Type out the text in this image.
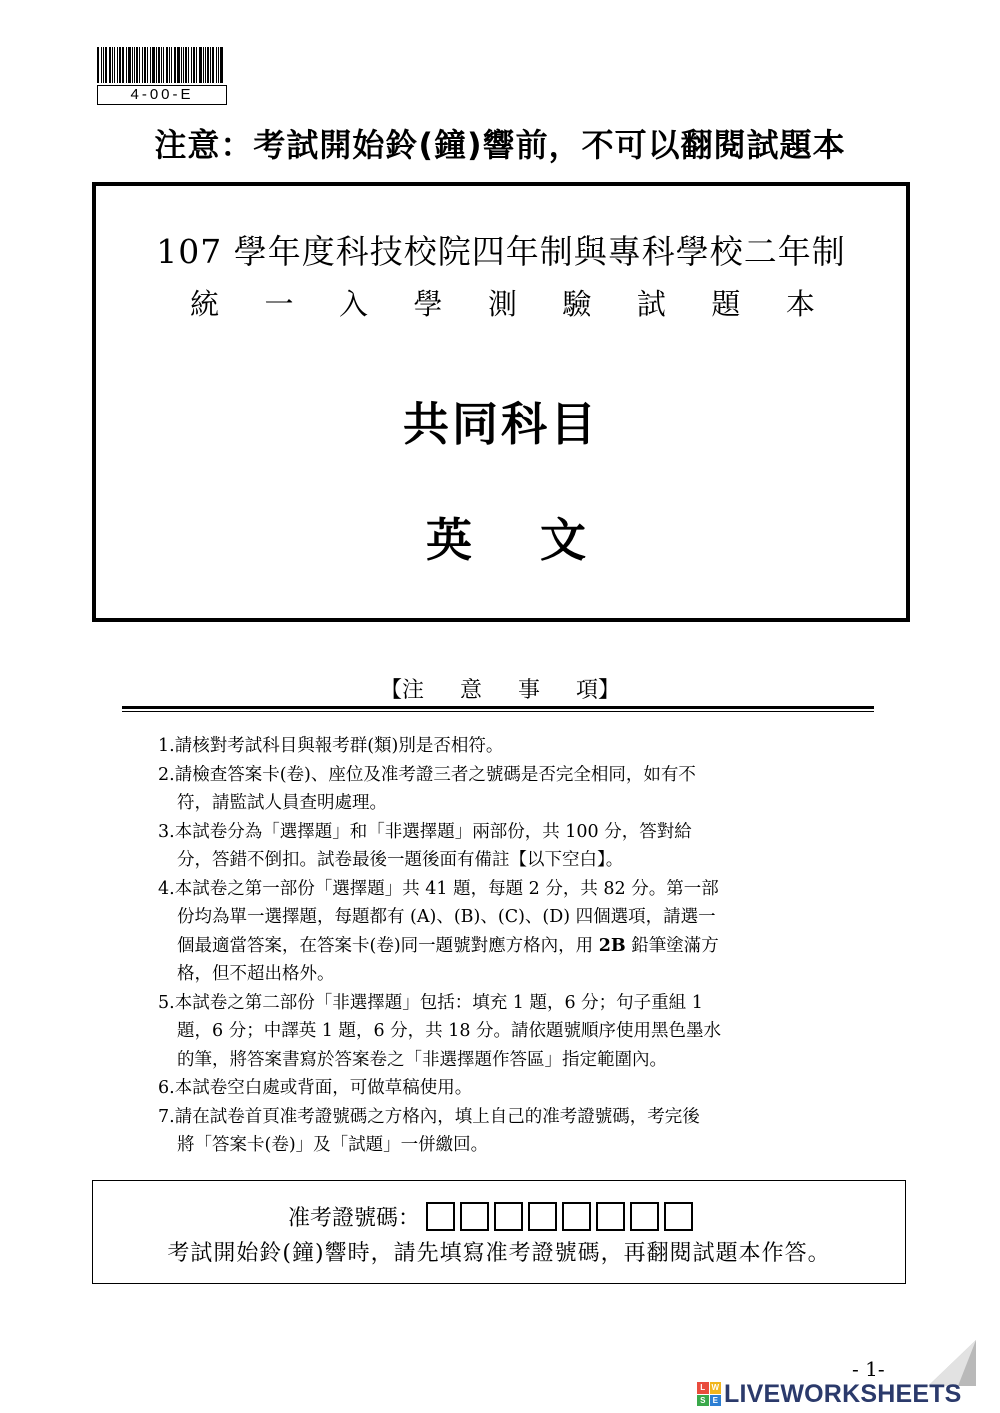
4-00-E
注意：考試開始鈴(鐘)響前，不可以翻閱試題本
107 學年度科技校院四年制與專科學校二年制
統 一 入 學 測 驗 試 題 本
共同科目
英 文
【注 意 事 項】
1.請核對考試科目與報考群(類)別是否相符。
2.請檢查答案卡(卷)、座位及准考證三者之號碼是否完全相同，如有不
符，請監試人員查明處理。
3.本試卷分為「選擇題」和「非選擇題」兩部份，共 100 分，答對給
分，答錯不倒扣。試卷最後一題後面有備註【以下空白】。
4.本試卷之第一部份「選擇題」共 41 題，每題 2 分，共 82 分。第一部
份均為單一選擇題，每題都有 (A)、(B)、(C)、(D) 四個選項，請選一
個最適當答案，在答案卡(卷)同一題號對應方格內，用 2B 鉛筆塗滿方
格，但不超出格外。
5.本試卷之第二部份「非選擇題」包括：填充 1 題，6 分；句子重組 1
題，6 分；中譯英 1 題，6 分，共 18 分。請依題號順序使用黑色墨水
的筆，將答案書寫於答案卷之「非選擇題作答區」指定範圍內。
6.本試卷空白處或背面，可做草稿使用。
7.請在試卷首頁准考證號碼之方格內，填上自己的准考證號碼，考完後
將「答案卡(卷)」及「試題」一併繳回。
准考證號碼：
考試開始鈴(鐘)響時，請先填寫准考證號碼，再翻閱試題本作答。
- 1-
L W
S E LIVEWORKSHEETS
